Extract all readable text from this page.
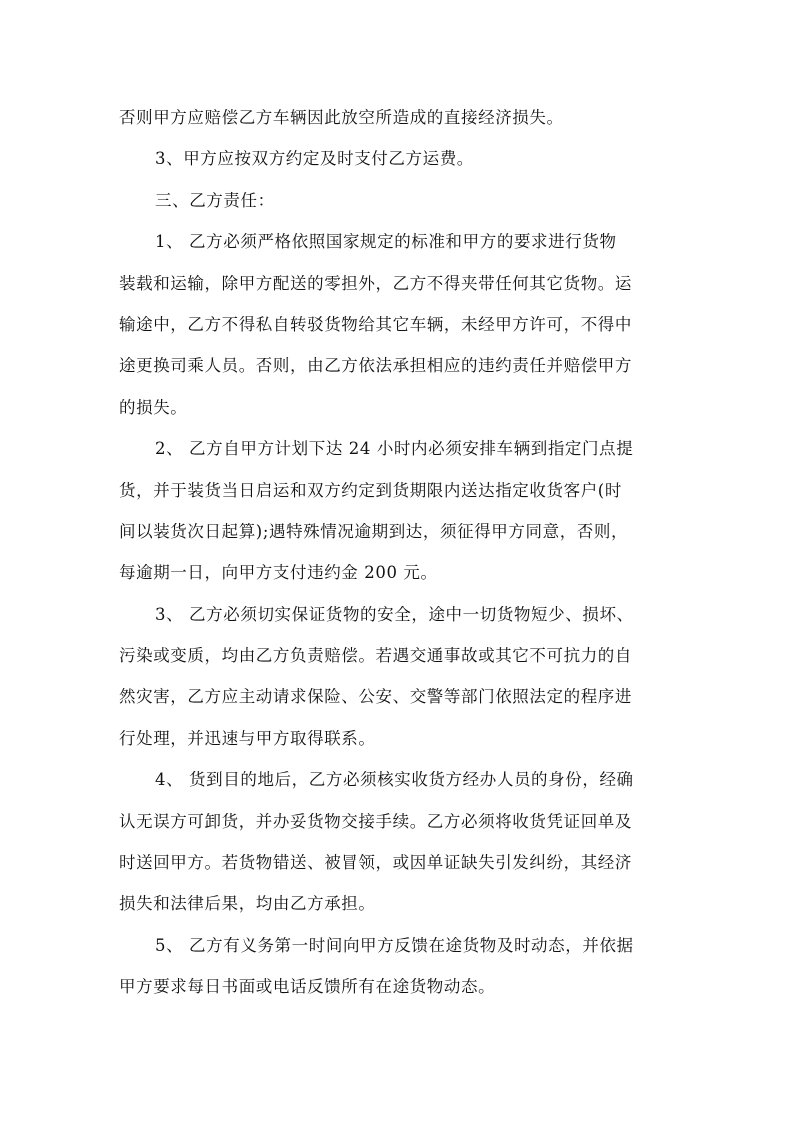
否则甲方应赔偿乙方车辆因此放空所造成的直接经济损失。
3、甲方应按双方约定及时支付乙方运费。
三、乙方责任：
1、 乙方必须严格依照国家规定的标准和甲方的要求进行货物
装载和运输，除甲方配送的零担外，乙方不得夹带任何其它货物。运
输途中，乙方不得私自转驳货物给其它车辆，未经甲方许可，不得中
途更换司乘人员。否则，由乙方依法承担相应的违约责任并赔偿甲方
的损失。
2、 乙方自甲方计划下达 24 小时内必须安排车辆到指定门点提
货，并于装货当日启运和双方约定到货期限内送达指定收货客户(时
间以装货次日起算);遇特殊情况逾期到达，须征得甲方同意，否则，
每逾期一日，向甲方支付违约金 200 元。
3、 乙方必须切实保证货物的安全，途中一切货物短少、损坏、
污染或变质，均由乙方负责赔偿。若遇交通事故或其它不可抗力的自
然灾害，乙方应主动请求保险、公安、交警等部门依照法定的程序进
行处理，并迅速与甲方取得联系。
4、 货到目的地后，乙方必须核实收货方经办人员的身份，经确
认无误方可卸货，并办妥货物交接手续。乙方必须将收货凭证回单及
时送回甲方。若货物错送、被冒领，或因单证缺失引发纠纷，其经济
损失和法律后果，均由乙方承担。
5、 乙方有义务第一时间向甲方反馈在途货物及时动态，并依据
甲方要求每日书面或电话反馈所有在途货物动态。
